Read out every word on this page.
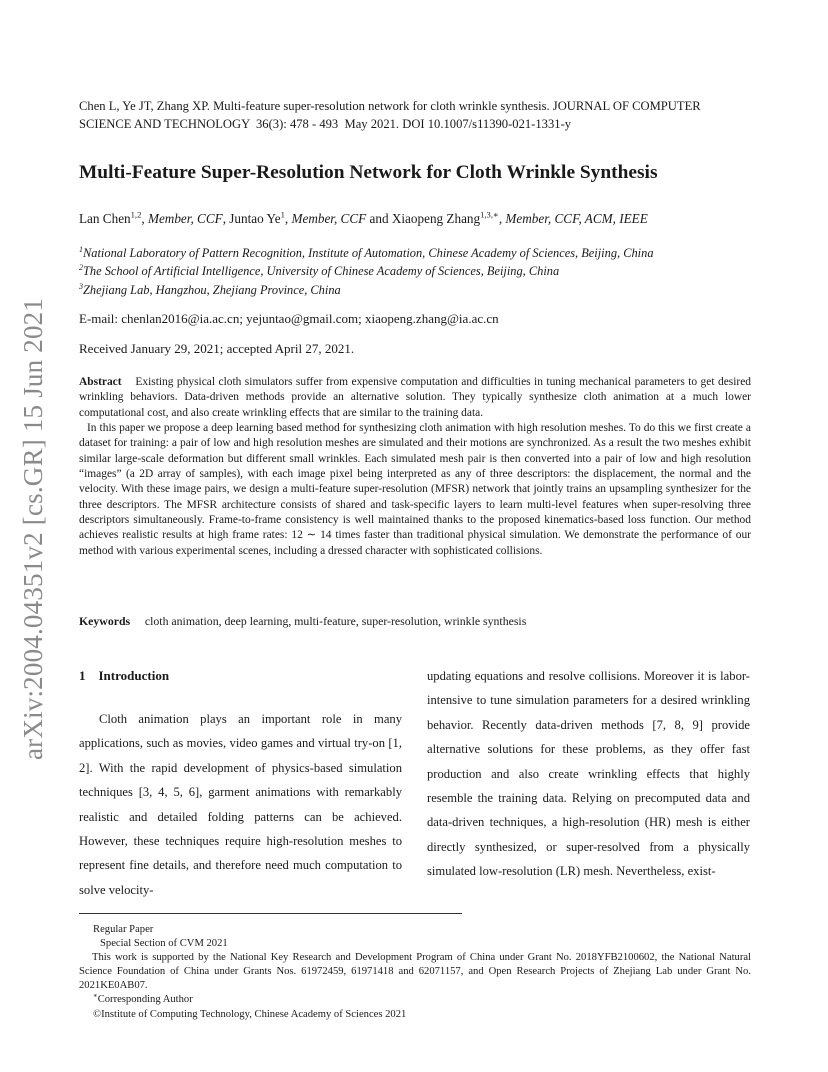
arXiv:2004.04351v2 [cs.GR] 15 Jun 2021
Chen L, Ye JT, Zhang XP. Multi-feature super-resolution network for cloth wrinkle synthesis. JOURNAL OF COMPUTER
SCIENCE AND TECHNOLOGY  36(3): 478 - 493  May 2021. DOI 10.1007/s11390-021-1331-y
Multi-Feature Super-Resolution Network for Cloth Wrinkle Synthesis
Lan Chen$^{1,2}$, Member, CCF, Juntao Ye$^1$, Member, CCF and Xiaopeng Zhang$^{1,3,∗}$, Member, CCF, ACM, IEEE
$^1$National Laboratory of Pattern Recognition, Institute of Automation, Chinese Academy of Sciences, Beijing, China
$^2$The School of Artificial Intelligence, University of Chinese Academy of Sciences, Beijing, China
$^3$Zhejiang Lab, Hangzhou, Zhejiang Province, China
E-mail: chenlan2016@ia.ac.cn; yejuntao@gmail.com; xiaopeng.zhang@ia.ac.cn
Received January 29, 2021; accepted April 27, 2021.
Abstract Existing physical cloth simulators suffer from expensive computation and difficulties in tuning mechanical parameters to get desired wrinkling behaviors. Data-driven methods provide an alternative solution. They typically synthesize cloth animation at a much lower computational cost, and also create wrinkling effects that are similar to the training data.
In this paper we propose a deep learning based method for synthesizing cloth animation with high resolution meshes. To do this we first create a dataset for training: a pair of low and high resolution meshes are simulated and their motions are synchronized. As a result the two meshes exhibit similar large-scale deformation but different small wrinkles. Each simulated mesh pair is then converted into a pair of low and high resolution “images” (a 2D array of samples), with each image pixel being interpreted as any of three descriptors: the displacement, the normal and the velocity. With these image pairs, we design a multi-feature super-resolution (MFSR) network that jointly trains an upsampling synthesizer for the three descriptors. The MFSR architecture consists of shared and task-specific layers to learn multi-level features when super-resolving three descriptors simultaneously. Frame-to-frame consistency is well maintained thanks to the proposed kinematics-based loss function. Our method achieves realistic results at high frame rates: 12 ∼ 14 times faster than traditional physical simulation. We demonstrate the performance of our method with various experimental scenes, including a dressed character with sophisticated collisions.
Keywords cloth animation, deep learning, multi-feature, super-resolution, wrinkle synthesis
1 Introduction
Cloth animation plays an important role in many applications, such as movies, video games and virtual try-on [1, 2]. With the rapid development of physics-based simulation techniques [3, 4, 5, 6], garment animations with remarkably realistic and detailed folding patterns can be achieved. However, these techniques require high-resolution meshes to represent fine details, and therefore need much computation to solve velocity-
updating equations and resolve collisions. Moreover it is labor-intensive to tune simulation parameters for a desired wrinkling behavior. Recently data-driven methods [7, 8, 9] provide alternative solutions for these problems, as they offer fast production and also create wrinkling effects that highly resemble the training data. Relying on precomputed data and data-driven techniques, a high-resolution (HR) mesh is either directly synthesized, or super-resolved from a physically simulated low-resolution (LR) mesh. Nevertheless, exist-
Regular Paper
Special Section of CVM 2021
This work is supported by the National Key Research and Development Program of China under Grant No. 2018YFB2100602, the National Natural Science Foundation of China under Grants Nos. 61972459, 61971418 and 62071157, and Open Research Projects of Zhejiang Lab under Grant No. 2021KE0AB07.
∗Corresponding Author
©Institute of Computing Technology, Chinese Academy of Sciences 2021
